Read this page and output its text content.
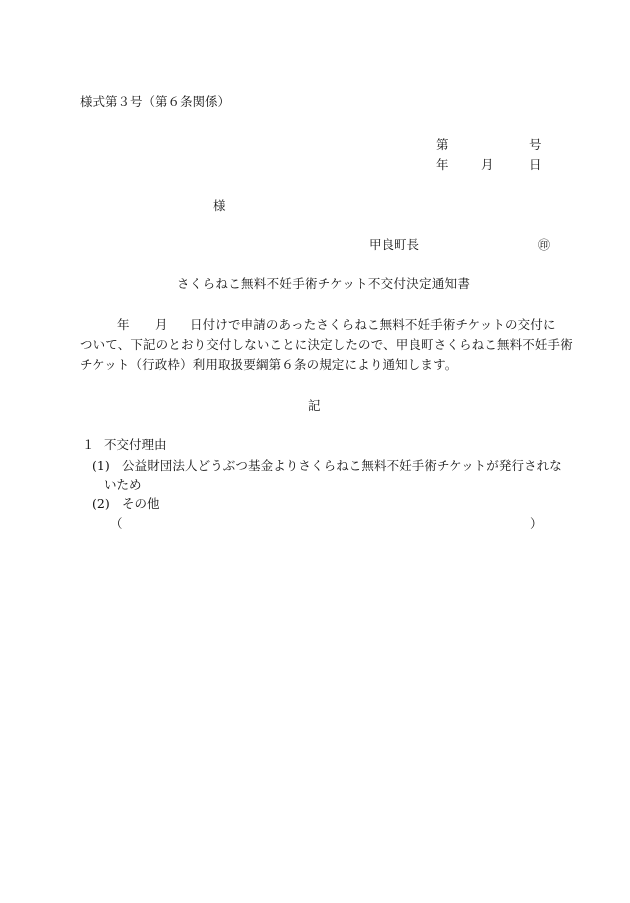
様式第３号（第６条関係）
第	号
年	月	日
様
甲良町長	㊞
さくらねこ無料不妊手術チケット不交付決定通知書
年 月 日付けで申請のあったさくらねこ無料不妊手術チケットの交付に
ついて、下記のとおり交付しないことに決定したので、甲良町さくらねこ無料不妊手術
チケット（行政枠）利用取扱要綱第６条の規定により通知します。
記
１ 不交付理由
(1) 公益財団法人どうぶつ基金よりさくらねこ無料不妊手術チケットが発行されな
いため
(2) その他
（	）
